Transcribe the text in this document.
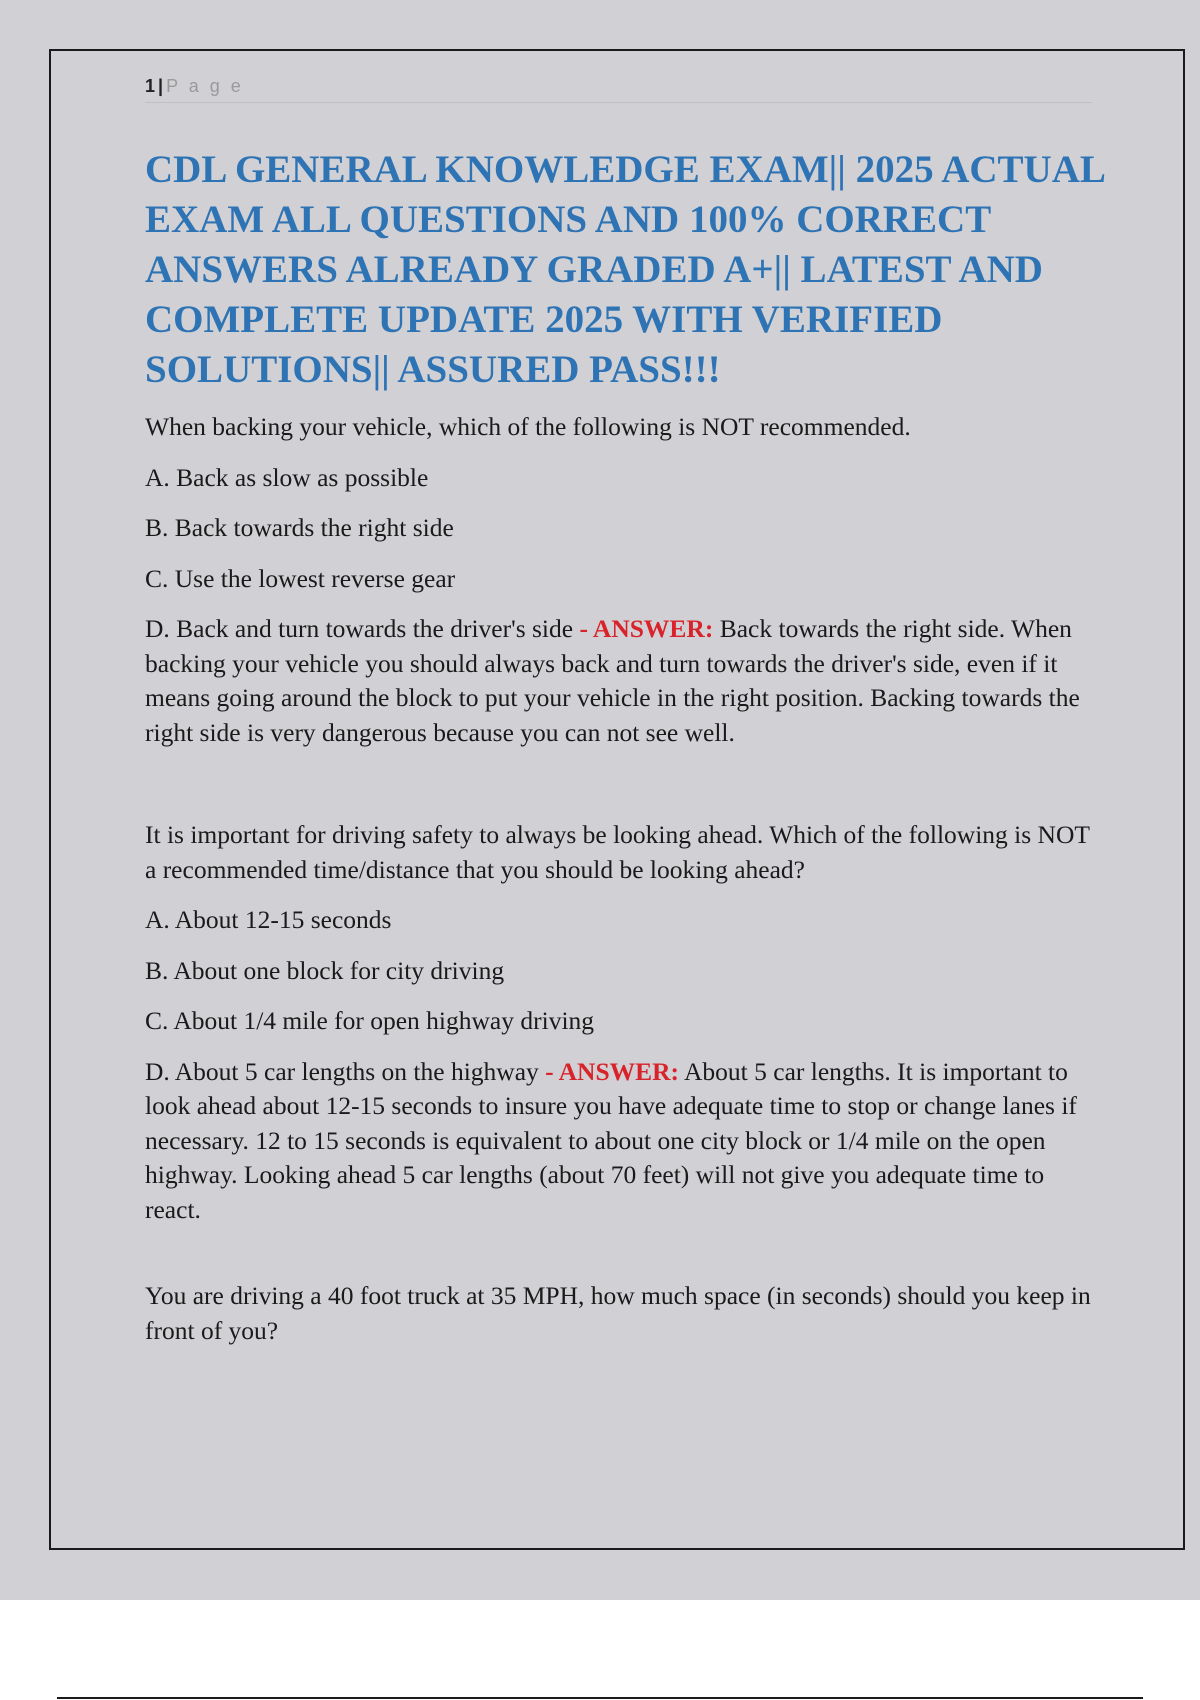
1 | P a g e
CDL GENERAL KNOWLEDGE EXAM|| 2025 ACTUAL EXAM ALL QUESTIONS AND 100% CORRECT ANSWERS ALREADY GRADED A+|| LATEST AND COMPLETE UPDATE 2025 WITH VERIFIED SOLUTIONS|| ASSURED PASS!!!

When backing your vehicle, which of the following is NOT recommended.

A. Back as slow as possible

B. Back towards the right side

C. Use the lowest reverse gear

D. Back and turn towards the driver's side - ANSWER: Back towards the right side. When backing your vehicle you should always back and turn towards the driver's side, even if it means going around the block to put your vehicle in the right position. Backing towards the right side is very dangerous because you can not see well.

It is important for driving safety to always be looking ahead. Which of the following is NOT a recommended time/distance that you should be looking ahead?

A. About 12-15 seconds

B. About one block for city driving

C. About 1/4 mile for open highway driving

D. About 5 car lengths on the highway - ANSWER: About 5 car lengths. It is important to look ahead about 12-15 seconds to insure you have adequate time to stop or change lanes if necessary. 12 to 15 seconds is equivalent to about one city block or 1/4 mile on the open highway. Looking ahead 5 car lengths (about 70 feet) will not give you adequate time to react.

You are driving a 40 foot truck at 35 MPH, how much space (in seconds) should you keep in front of you?
